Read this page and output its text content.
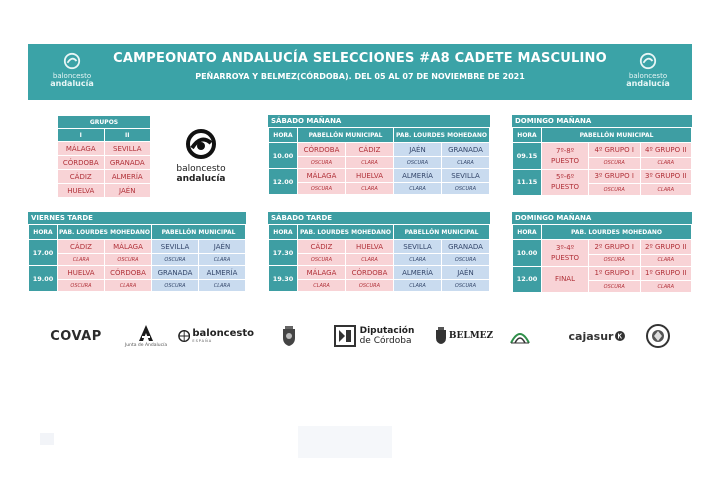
baloncesto
andalucía
CAMPEONATO ANDALUCÍA SELECCIONES #A8 CADETE MASCULINO
PEÑARROYA Y BELMEZ(CÓRDOBA). DEL 05 AL 07 DE NOVIEMBRE DE 2021	baloncesto
andalucía
GRUPOS	
I	II
MÁLAGA	SEVILLA
CÓRDOBA	GRANADA
CÁDIZ	ALMERÍA
HUELVA	JAÉN
baloncesto
andalucía
VIERNES TARDE
HORA	PAB. LOURDES MOHEDANO		PABELLÓN MUNICIPAL	
17.00	CÁDIZ	MÁLAGA	SEVILLA	JAÉN
	CLARA	OSCURA	OSCURA	CLARA
19.00	HUELVA	CÓRDOBA	GRANADA	ALMERÍA
	OSCURA	CLARA	OSCURA	CLARA
SÁBADO MAÑANA
HORA	PABELLÓN MUNICIPAL		PAB. LOURDES MOHEDANO	
10.00	CÓRDOBA	CÁDIZ	JAÉN	GRANADA
	OSCURA	CLARA	OSCURA	CLARA
12.00	MÁLAGA	HUELVA	ALMERÍA	SEVILLA
	OSCURA	CLARA	CLARA	OSCURA
SÁBADO TARDE
HORA	PAB. LOURDES MOHEDANO		PABELLÓN MUNICIPAL	
17.30	CÁDIZ	HUELVA	SEVILLA	GRANADA
	OSCURA	CLARA	CLARA	OSCURA
19.30	MÁLAGA	CÓRDOBA	ALMERÍA	JAÉN
	CLARA	OSCURA	CLARA	OSCURA
DOMINGO MAÑANA
HORA	PABELLÓN MUNICIPAL		
09.15	7º-8º
PUESTO	4º GRUPO I	4º GRUPO II
		OSCURA	CLARA
11.15	5º-6º
PUESTO	3º GRUPO I	3º GRUPO II
		OSCURA	CLARA
DOMINGO MAÑANA
HORA	PAB. LOURDES MOHEDANO		
10.00	3º-4º
PUESTO	2º GRUPO I	2º GRUPO II
		OSCURA	CLARA
12.00	FINAL	1º GRUPO I	1º GRUPO II
		OSCURA	CLARA
COVAP
Junta de Andalucía
baloncesto
ESPAÑA
Diputación
de Córdoba	BELMEZ	cajasur
